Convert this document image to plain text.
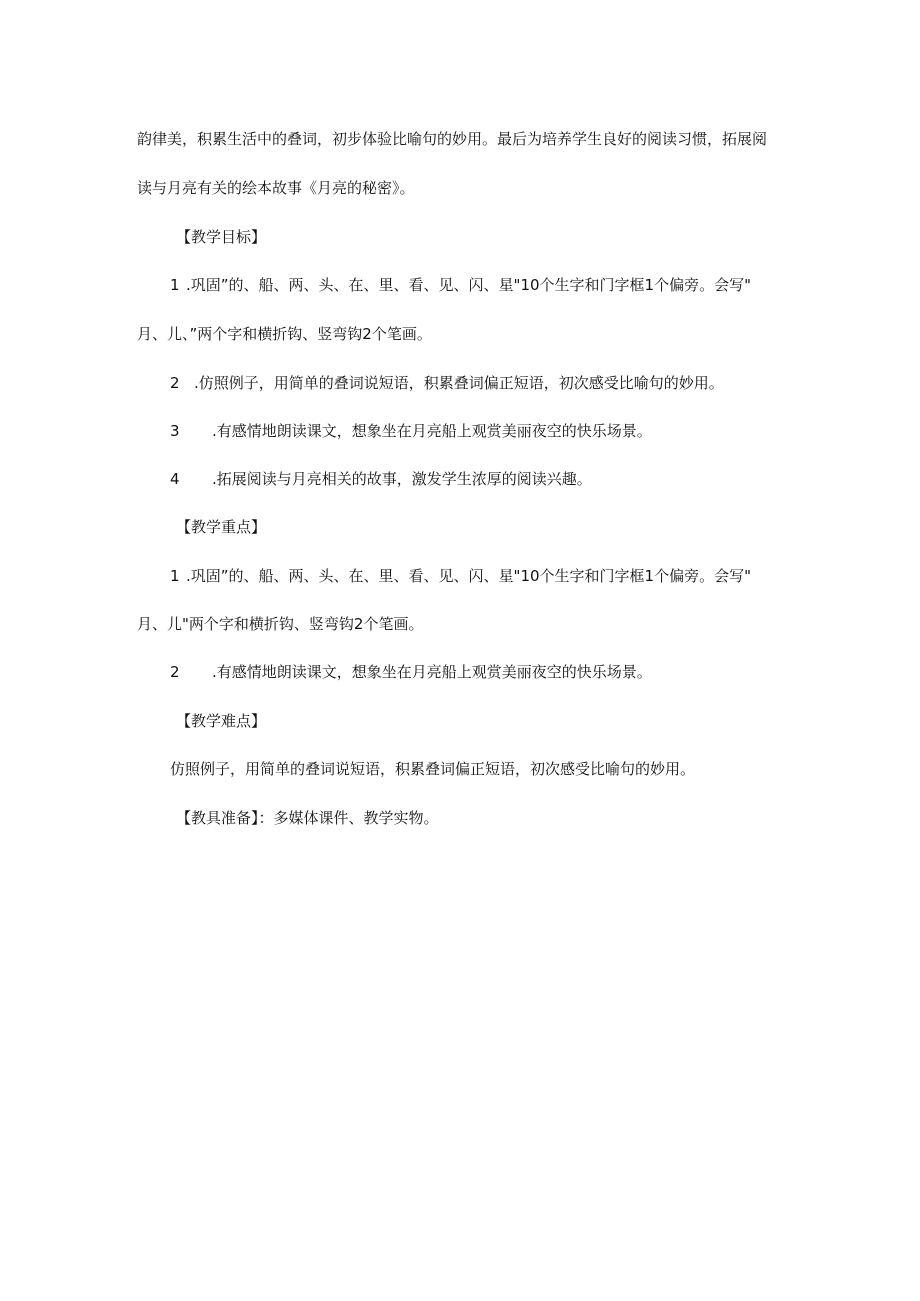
韵律美，积累生活中的叠词，初步体验比喻句的妙用。最后为培养学生良好的阅读习惯，拓展阅

读与月亮有关的绘本故事《月亮的秘密》。

【教学目标】

1 .巩固”的、船、两、头、在、里、看、见、闪、星"10个生字和门字框1个偏旁。会写"

月、儿、”两个字和横折钩、竖弯钩2个笔画。

2 .仿照例子，用简单的叠词说短语，积累叠词偏正短语，初次感受比喻句的妙用。

3 .有感情地朗读课文，想象坐在月亮船上观赏美丽夜空的快乐场景。

4 .拓展阅读与月亮相关的故事，激发学生浓厚的阅读兴趣。

【教学重点】

1 .巩固”的、船、两、头、在、里、看、见、闪、星"10个生字和门字框1个偏旁。会写"

月、儿"两个字和横折钩、竖弯钩2个笔画。

2 .有感情地朗读课文，想象坐在月亮船上观赏美丽夜空的快乐场景。

【教学难点】

仿照例子，用简单的叠词说短语，积累叠词偏正短语，初次感受比喻句的妙用。

【教具准备】：多媒体课件、教学实物。
